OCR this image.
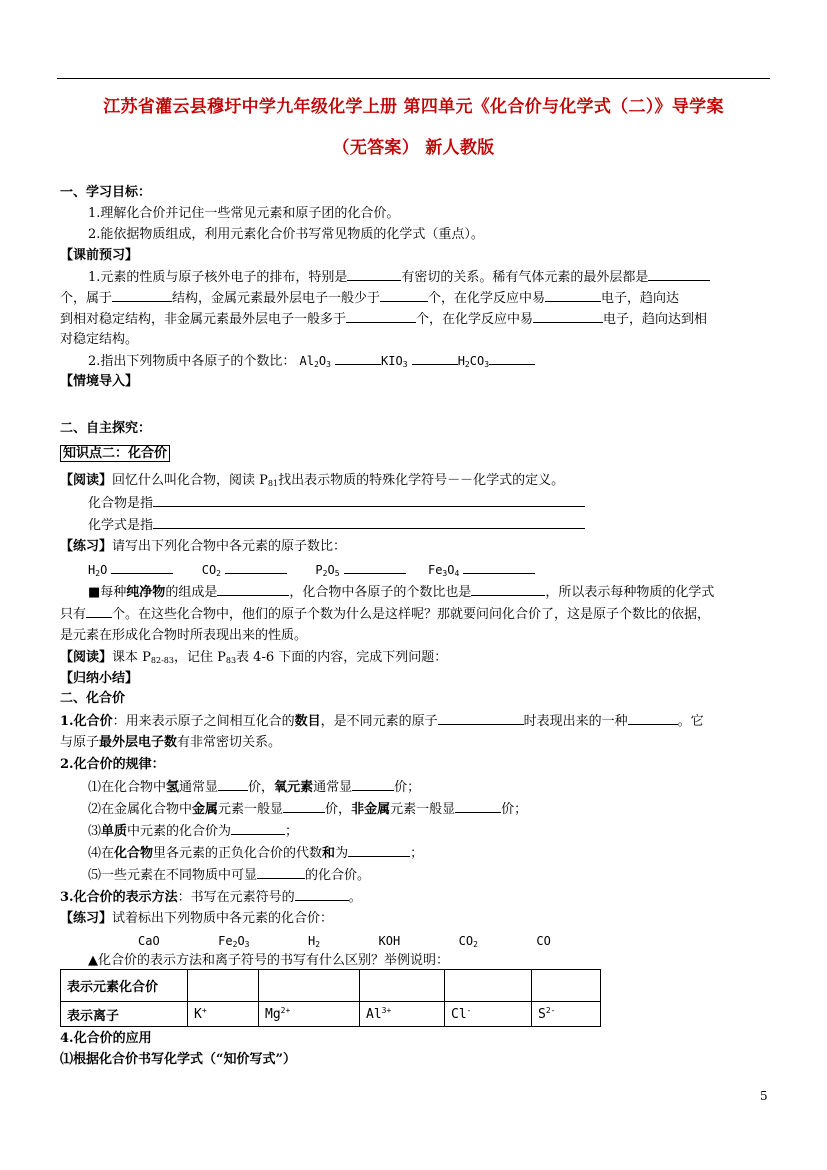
江苏省灌云县穆圩中学九年级化学上册 第四单元《化合价与化学式（二）》导学案
（无答案） 新人教版
一、学习目标：
1.理解化合价并记住一些常见元素和原子团的化合价。
2.能依据物质组成，利用元素化合价书写常见物质的化学式（重点）。
【课前预习】
1.元素的性质与原子核外电子的排布，特别是	有密切的关系。稀有气体元素的最外层都是
个，属于	结构，金属元素最外层电子一般少于	个，在化学反应中易	电子，趋向达
到相对稳定结构，非金属元素最外层电子一般多于	个，在化学反应中易	电子，趋向达到相
对稳定结构。
2.指出下列物质中各原子的个数比： $Al_2O_3$	$KIO_3$	$H_2CO_3$
【情境导入】
二、自主探究：
知识点二：化合价
【阅读】回忆什么叫化合物，阅读 $P_{81}$找出表示物质的特殊化学符号－－化学式的定义。
化合物是指
化学式是指
【练习】请写出下列化合物中各元素的原子数比：
$H_2O$	$CO_2$	$P_2O_5$	$Fe_3O_4$
■每种纯净物的组成是	，化合物中各原子的个数比也是	，所以表示每种物质的化学式
只有 个。在这些化合物中，他们的原子个数为什么是这样呢？那就要问问化合价了，这是原子个数比的依据，
是元素在形成化合物时所表现出来的性质。
【阅读】课本 $P_{82-83}$，记住 $P_{83}$表 4-6 下面的内容，完成下列问题：
【归纳小结】
二、化合价
1.化合价：用来表示原子之间相互化合的数目，是不同元素的原子	时表现出来的一种	。它
与原子最外层电子数有非常密切关系。
2.化合价的规律：
⑴在化合物中氢通常显 价，氧元素通常显	价；
⑵在金属化合物中金属元素一般显	价，非金属元素一般显	价；
⑶单质中元素的化合价为	；
⑷在化合物里各元素的正负化合价的代数和为	；
⑸一些元素在不同物质中可显	的化合价。
3.化合价的表示方法：书写在元素符号的	。
【练习】试着标出下列物质中各元素的化合价：
CaO	$Fe_2O_3$	$H_2$	KOH	$CO_2$	CO
▲化合价的表示方法和离子符号的书写有什么区别？举例说明：
表示元素化合价					
表示离子	K+	$Mg^{2+}$	$Al^{3+}$	Cl-	$S^{2-}$
4.化合价的应用
⑴根据化合价书写化学式（“知价写式”）
5
